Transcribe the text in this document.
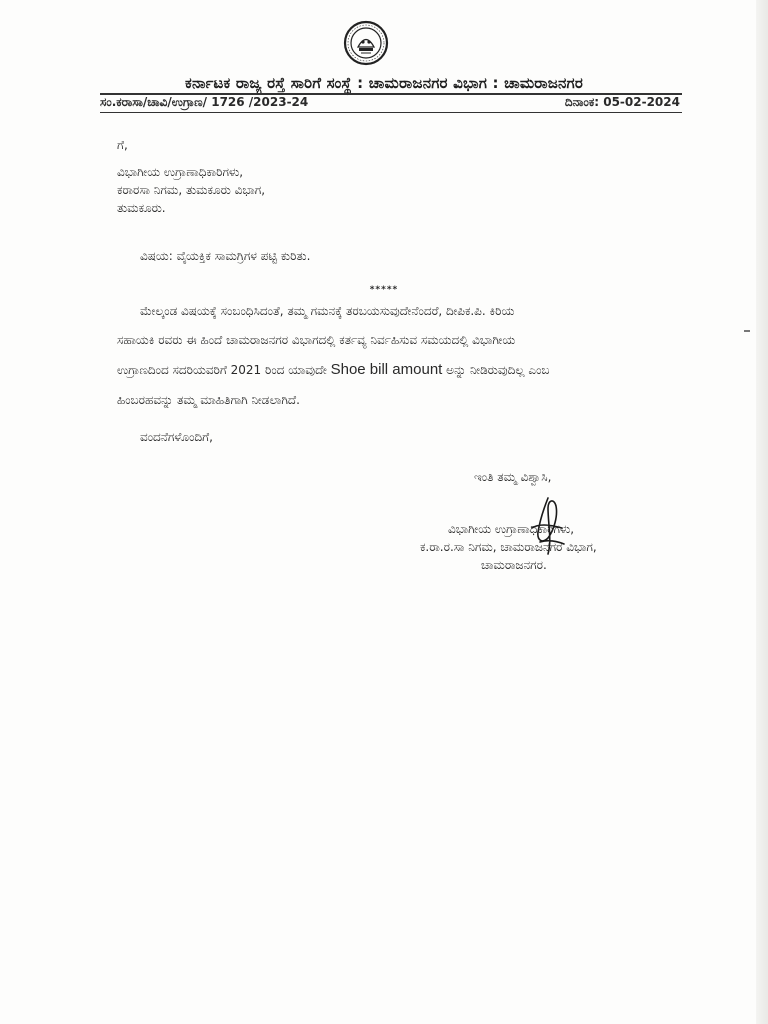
ಕರ್ನಾಟಕ ರಾಜ್ಯ ರಸ್ತೆ ಸಾರಿಗೆ ಸಂಸ್ಥೆ : ಚಾಮರಾಜನಗರ ವಿಭಾಗ : ಚಾಮರಾಜನಗರ
ಸಂ.ಕರಾಸಾ/ಚಾವಿ/ಉಗ್ರಾಣ/ 1726 /2023-24	ದಿನಾಂಕ: 05-02-2024
ಗೆ,
ವಿಭಾಗೀಯ ಉಗ್ರಾಣಾಧಿಕಾರಿಗಳು,
ಕರಾರಸಾ ನಿಗಮ, ತುಮಕೂರು ವಿಭಾಗ,
ತುಮಕೂರು.
ವಿಷಯ: ವೈಯಕ್ತಿಕ ಸಾಮಗ್ರಿಗಳ ಪಟ್ಟಿ ಕುರಿತು.
*****
ಮೇಲ್ಕಂಡ ವಿಷಯಕ್ಕೆ ಸಂಬಂಧಿಸಿದಂತೆ, ತಮ್ಮ ಗಮನಕ್ಕೆ ತರಬಯಸುವುದೇನೆಂದರೆ, ದೀಪಿಕ.ಪಿ. ಕಿರಿಯ
ಸಹಾಯಕಿ ರವರು ಈ ಹಿಂದೆ ಚಾಮರಾಜನಗರ ವಿಭಾಗದಲ್ಲಿ ಕರ್ತವ್ಯ ನಿರ್ವಹಿಸುವ ಸಮಯದಲ್ಲಿ ವಿಭಾಗೀಯ
ಉಗ್ರಾಣದಿಂದ ಸದರಿಯವರಿಗೆ 2021 ರಿಂದ ಯಾವುದೇ Shoe bill amount ಅನ್ನು ನೀಡಿರುವುದಿಲ್ಲ ಎಂಬ
ಹಿಂಬರಹವನ್ನು ತಮ್ಮ ಮಾಹಿತಿಗಾಗಿ ನೀಡಲಾಗಿದೆ.
ವಂದನೆಗಳೊಂದಿಗೆ,
ಇಂತಿ ತಮ್ಮ ವಿಶ್ವಾಸಿ,
ವಿಭಾಗೀಯ ಉಗ್ರಾಣಾಧಿಕಾರಿಗಳು,
ಕ.ರಾ.ರ.ಸಾ ನಿಗಮ, ಚಾಮರಾಜನಗರ ವಿಭಾಗ,
ಚಾಮರಾಜನಗರ.
